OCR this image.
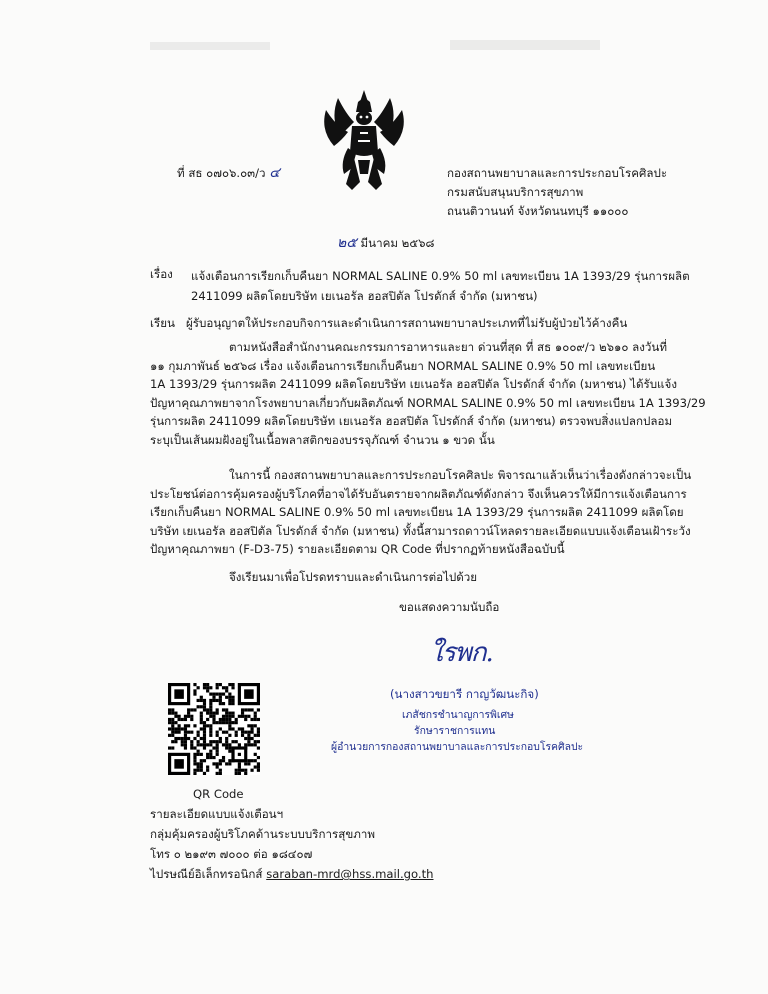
ที่ สธ ๐๗๐๖.๐๓/ว ๔	กองสถานพยาบาลและการประกอบโรคศิลปะ
กรมสนับสนุนบริการสุขภาพ
ถนนติวานนท์ จังหวัดนนทบุรี ๑๑๐๐๐
๒๕ มีนาคม ๒๕๖๘
เรื่อง แจ้งเตือนการเรียกเก็บคืนยา NORMAL SALINE 0.9% 50 ml เลขทะเบียน 1A 1393/29 รุ่นการผลิต
2411099 ผลิตโดยบริษัท เยเนอรัล ฮอสปิตัล โปรดักส์ จำกัด (มหาชน)
เรียน ผู้รับอนุญาตให้ประกอบกิจการและดำเนินการสถานพยาบาลประเภทที่ไม่รับผู้ป่วยไว้ค้างคืน
ตามหนังสือสำนักงานคณะกรรมการอาหารและยา ด่วนที่สุด ที่ สธ ๑๐๐๙/ว ๒๖๑๐ ลงวันที่
๑๑ กุมภาพันธ์ ๒๕๖๘ เรื่อง แจ้งเตือนการเรียกเก็บคืนยา NORMAL SALINE 0.9% 50 ml เลขทะเบียน
1A 1393/29 รุ่นการผลิต 2411099 ผลิตโดยบริษัท เยเนอรัล ฮอสปิตัล โปรดักส์ จำกัด (มหาชน) ได้รับแจ้ง
ปัญหาคุณภาพยาจากโรงพยาบาลเกี่ยวกับผลิตภัณฑ์ NORMAL SALINE 0.9% 50 ml เลขทะเบียน 1A 1393/29
รุ่นการผลิต 2411099 ผลิตโดยบริษัท เยเนอรัล ฮอสปิตัล โปรดักส์ จำกัด (มหาชน) ตรวจพบสิ่งแปลกปลอม
ระบุเป็นเส้นผมฝังอยู่ในเนื้อพลาสติกของบรรจุภัณฑ์ จำนวน ๑ ขวด นั้น
ในการนี้ กองสถานพยาบาลและการประกอบโรคศิลปะ พิจารณาแล้วเห็นว่าเรื่องดังกล่าวจะเป็น
ประโยชน์ต่อการคุ้มครองผู้บริโภคที่อาจได้รับอันตรายจากผลิตภัณฑ์ดังกล่าว จึงเห็นควรให้มีการแจ้งเตือนการ
เรียกเก็บคืนยา NORMAL SALINE 0.9% 50 ml เลขทะเบียน 1A 1393/29 รุ่นการผลิต 2411099 ผลิตโดย
บริษัท เยเนอรัล ฮอสปิตัล โปรดักส์ จำกัด (มหาชน) ทั้งนี้สามารถดาวน์โหลดรายละเอียดแบบแจ้งเตือนเฝ้าระวัง
ปัญหาคุณภาพยา (F-D3-75) รายละเอียดตาม QR Code ที่ปรากฏท้ายหนังสือฉบับนี้
จึงเรียนมาเพื่อโปรดทราบและดำเนินการต่อไปด้วย
ขอแสดงความนับถือ
ใรพก.
(นางสาวขยารี กาญวัฒนะกิจ)
เภสัชกรชำนาญการพิเศษ
รักษาราชการแทน
ผู้อำนวยการกองสถานพยาบาลและการประกอบโรคศิลปะ
QR Code
รายละเอียดแบบแจ้งเตือนฯ
กลุ่มคุ้มครองผู้บริโภคด้านระบบบริการสุขภาพ
โทร ๐ ๒๑๙๓ ๗๐๐๐ ต่อ ๑๘๔๐๗
ไปรษณีย์อิเล็กทรอนิกส์ saraban-mrd@hss.mail.go.th
